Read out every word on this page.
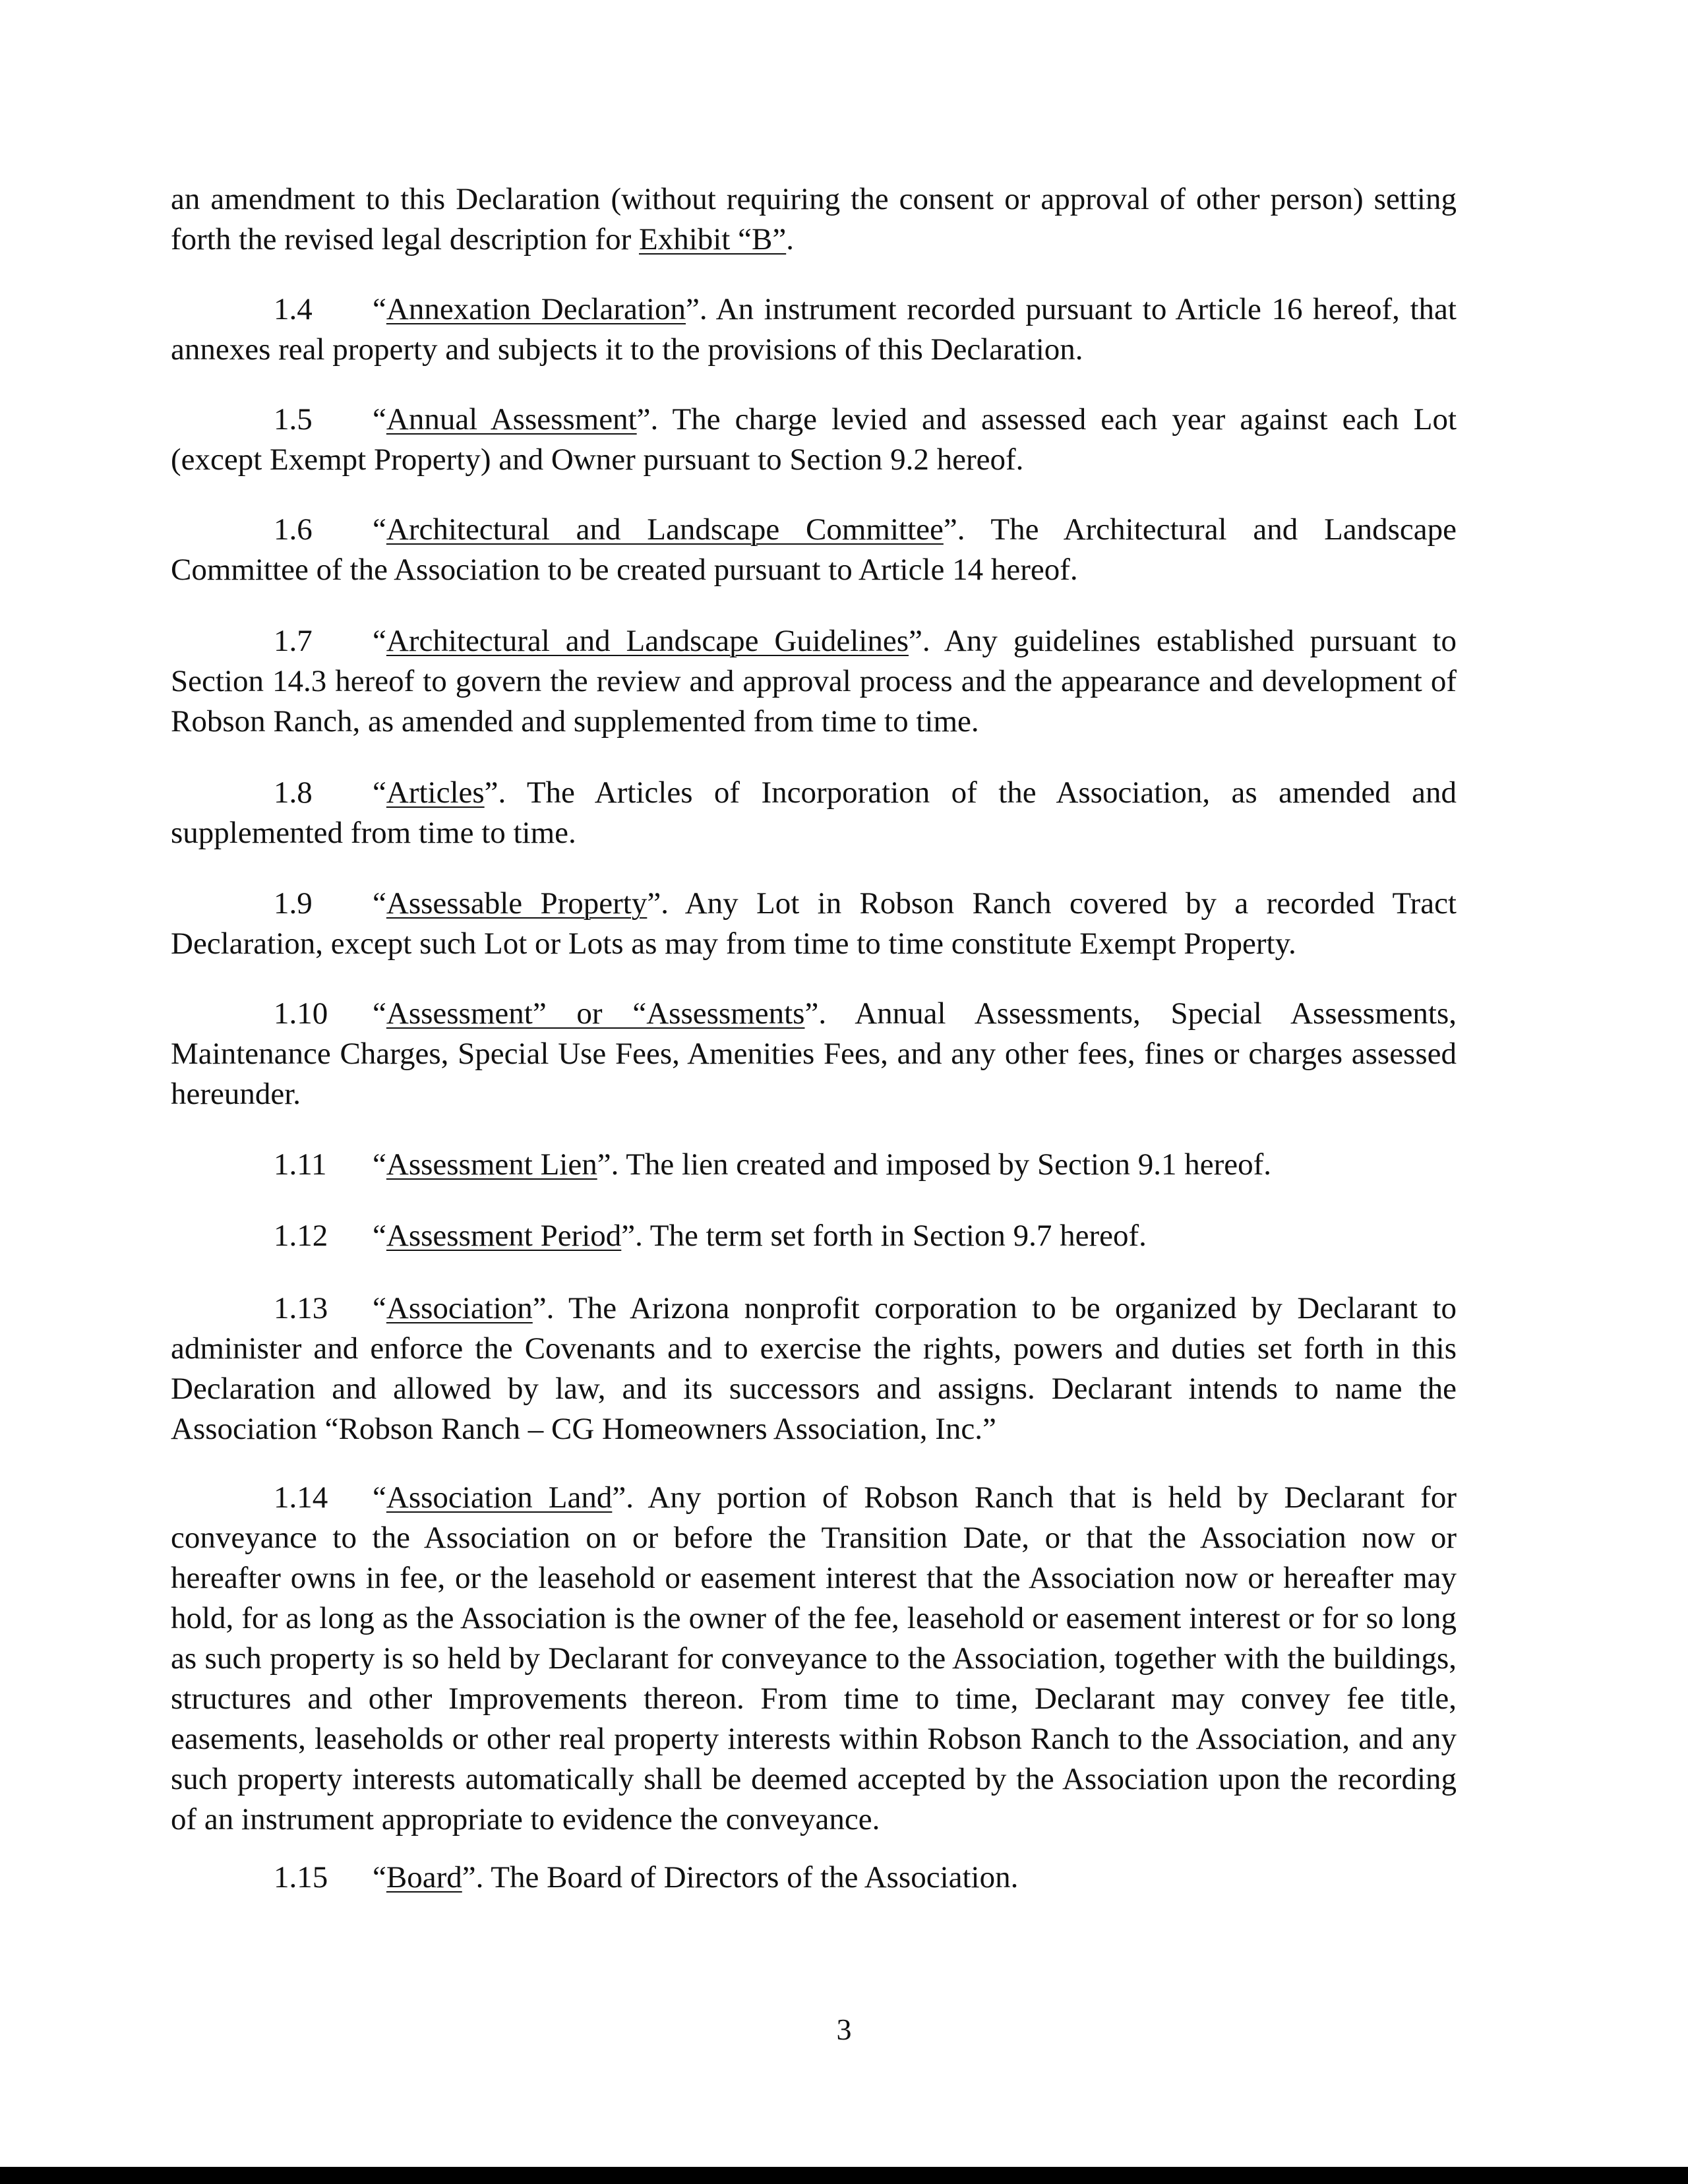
an amendment to this Declaration (without requiring the consent or approval of other person) setting forth the revised legal description for Exhibit “B”.
1.4 “Annexation Declaration”. An instrument recorded pursuant to Article 16 hereof, that annexes real property and subjects it to the provisions of this Declaration.
1.5 “Annual Assessment”. The charge levied and assessed each year against each Lot (except Exempt Property) and Owner pursuant to Section 9.2 hereof.
1.6 “Architectural and Landscape Committee”. The Architectural and Landscape Committee of the Association to be created pursuant to Article 14 hereof.
1.7 “Architectural and Landscape Guidelines”. Any guidelines established pursuant to Section 14.3 hereof to govern the review and approval process and the appearance and development of Robson Ranch, as amended and supplemented from time to time.
1.8 “Articles”. The Articles of Incorporation of the Association, as amended and supplemented from time to time.
1.9 “Assessable Property”. Any Lot in Robson Ranch covered by a recorded Tract Declaration, except such Lot or Lots as may from time to time constitute Exempt Property.
1.10 “Assessment” or “Assessments”. Annual Assessments, Special Assessments, Maintenance Charges, Special Use Fees, Amenities Fees, and any other fees, fines or charges assessed hereunder.
1.11 “Assessment Lien”. The lien created and imposed by Section 9.1 hereof.
1.12 “Assessment Period”. The term set forth in Section 9.7 hereof.
1.13 “Association”. The Arizona nonprofit corporation to be organized by Declarant to administer and enforce the Covenants and to exercise the rights, powers and duties set forth in this Declaration and allowed by law, and its successors and assigns. Declarant intends to name the Association “Robson Ranch – CG Homeowners Association, Inc.”
1.14 “Association Land”. Any portion of Robson Ranch that is held by Declarant for conveyance to the Association on or before the Transition Date, or that the Association now or hereafter owns in fee, or the leasehold or easement interest that the Association now or hereafter may hold, for as long as the Association is the owner of the fee, leasehold or easement interest or for so long as such property is so held by Declarant for conveyance to the Association, together with the buildings, structures and other Improvements thereon. From time to time, Declarant may convey fee title, easements, leaseholds or other real property interests within Robson Ranch to the Association, and any such property interests automatically shall be deemed accepted by the Association upon the recording of an instrument appropriate to evidence the conveyance.
1.15 “Board”. The Board of Directors of the Association.
3
